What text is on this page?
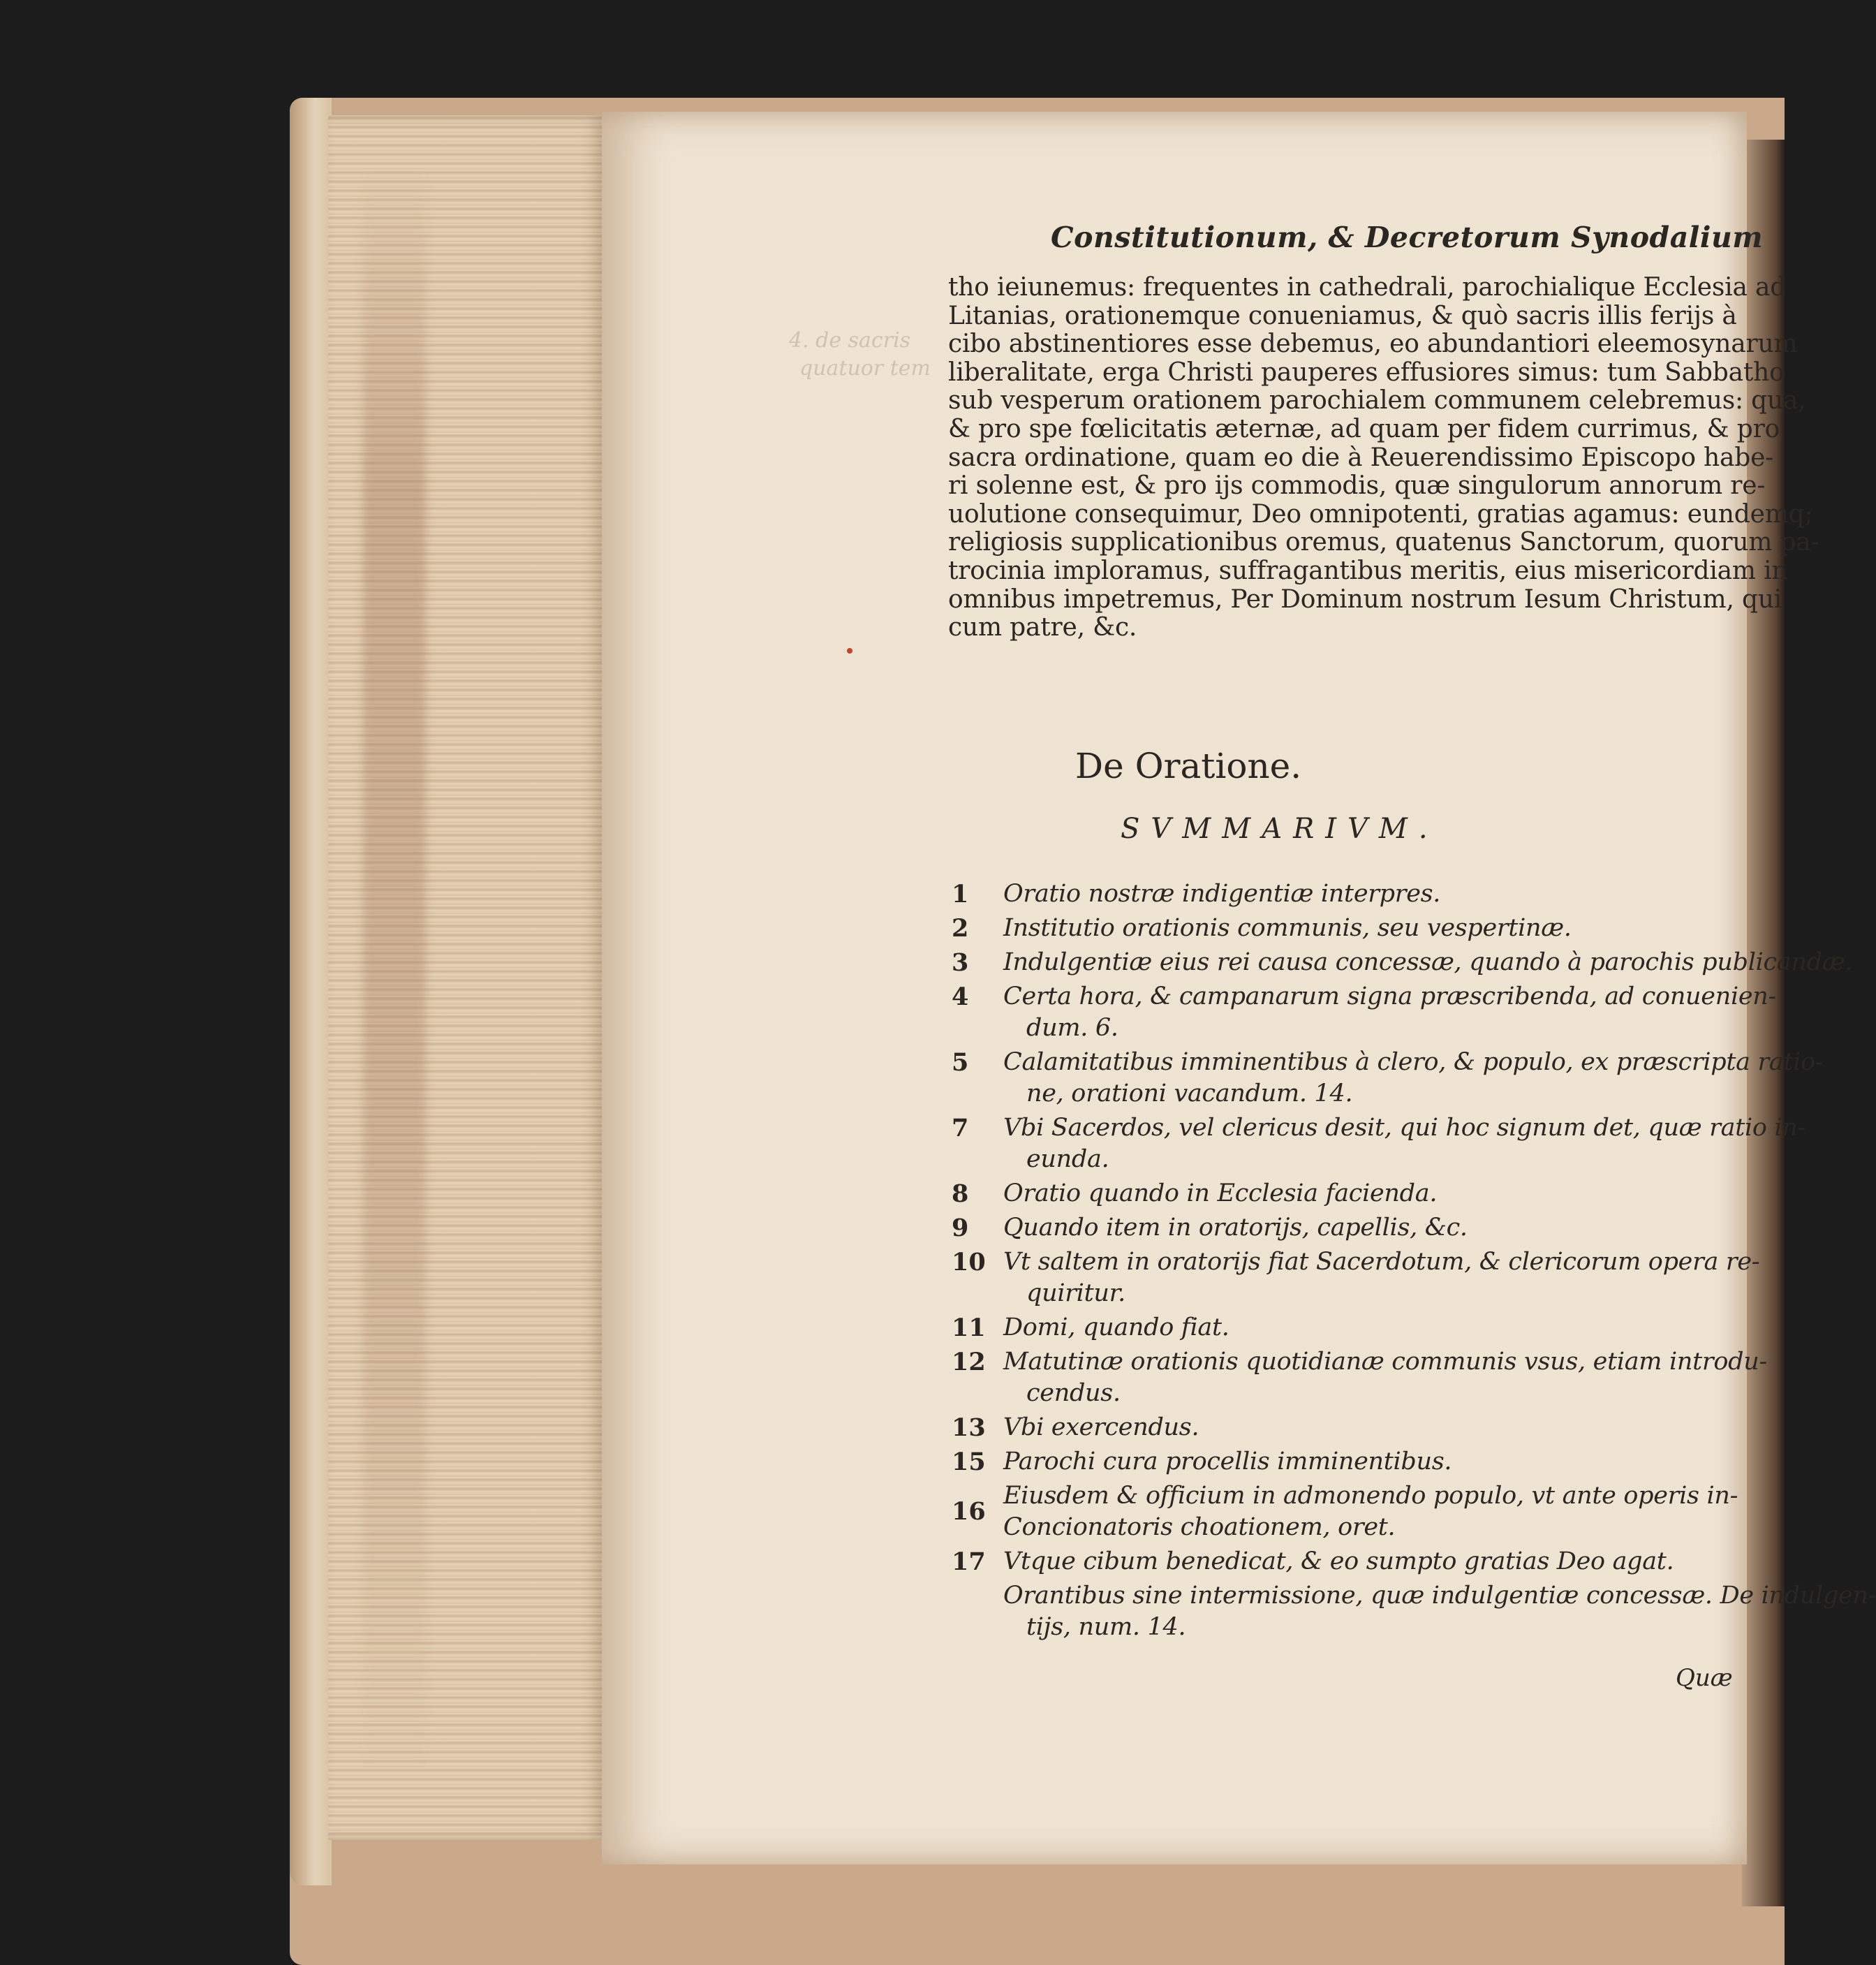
4. de sacris
quatuor tem
Constitutionum, & Decretorum Synodalium
tho ieiunemus: frequentes in cathedrali, parochialique Ecclesia ad
Litanias, orationemque conueniamus, & quò sacris illis ferijs à
cibo abstinentiores esse debemus, eo abundantiori eleemosynarum
liberalitate, erga Christi pauperes effusiores simus: tum Sabbatho
sub vesperum orationem parochialem communem celebremus: qua,
& pro spe fœlicitatis æternæ, ad quam per fidem currimus, & pro
sacra ordinatione, quam eo die à Reuerendissimo Episcopo habe-
ri solenne est, & pro ijs commodis, quæ singulorum annorum re-
uolutione consequimur, Deo omnipotenti, gratias agamus: eundemq;
religiosis supplicationibus oremus, quatenus Sanctorum, quorum pa-
trocinia imploramus, suffragantibus meritis, eius misericordiam in
omnibus impetremus, Per Dominum nostrum Iesum Christum, qui
cum patre, &c.
De Oratione.
SVMMARIVM.
1	Oratio nostræ indigentiæ interpres.
2	Institutio orationis communis, seu vespertinæ.
3	Indulgentiæ eius rei causa concessæ, quando à parochis publicandæ.
4	Certa hora, & campanarum signa præscribenda, ad conuenien-
dum. 6.
5	Calamitatibus imminentibus à clero, & populo, ex præscripta ratio-
ne, orationi vacandum. 14.
7	Vbi Sacerdos, vel clericus desit, qui hoc signum det, quæ ratio in-
eunda.
8	Oratio quando in Ecclesia facienda.
9	Quando item in oratorijs, capellis, &c.
10 Vt saltem in oratorijs fiat Sacerdotum, & clericorum opera re-
quiritur.
11 Domi, quando fiat.
12 Matutinæ orationis quotidianæ communis vsus, etiam introdu-
cendus.
13 Vbi exercendus.
15 Parochi cura procellis imminentibus.
16
Eiusdem & officium in admonendo populo, vt ante operis in-
Concionatoris choationem, oret.
17 Vtque cibum benedicat, & eo sumpto gratias Deo agat.
Orantibus sine intermissione, quæ indulgentiæ concessæ. De indulgen-
tijs, num. 14.
Quæ
